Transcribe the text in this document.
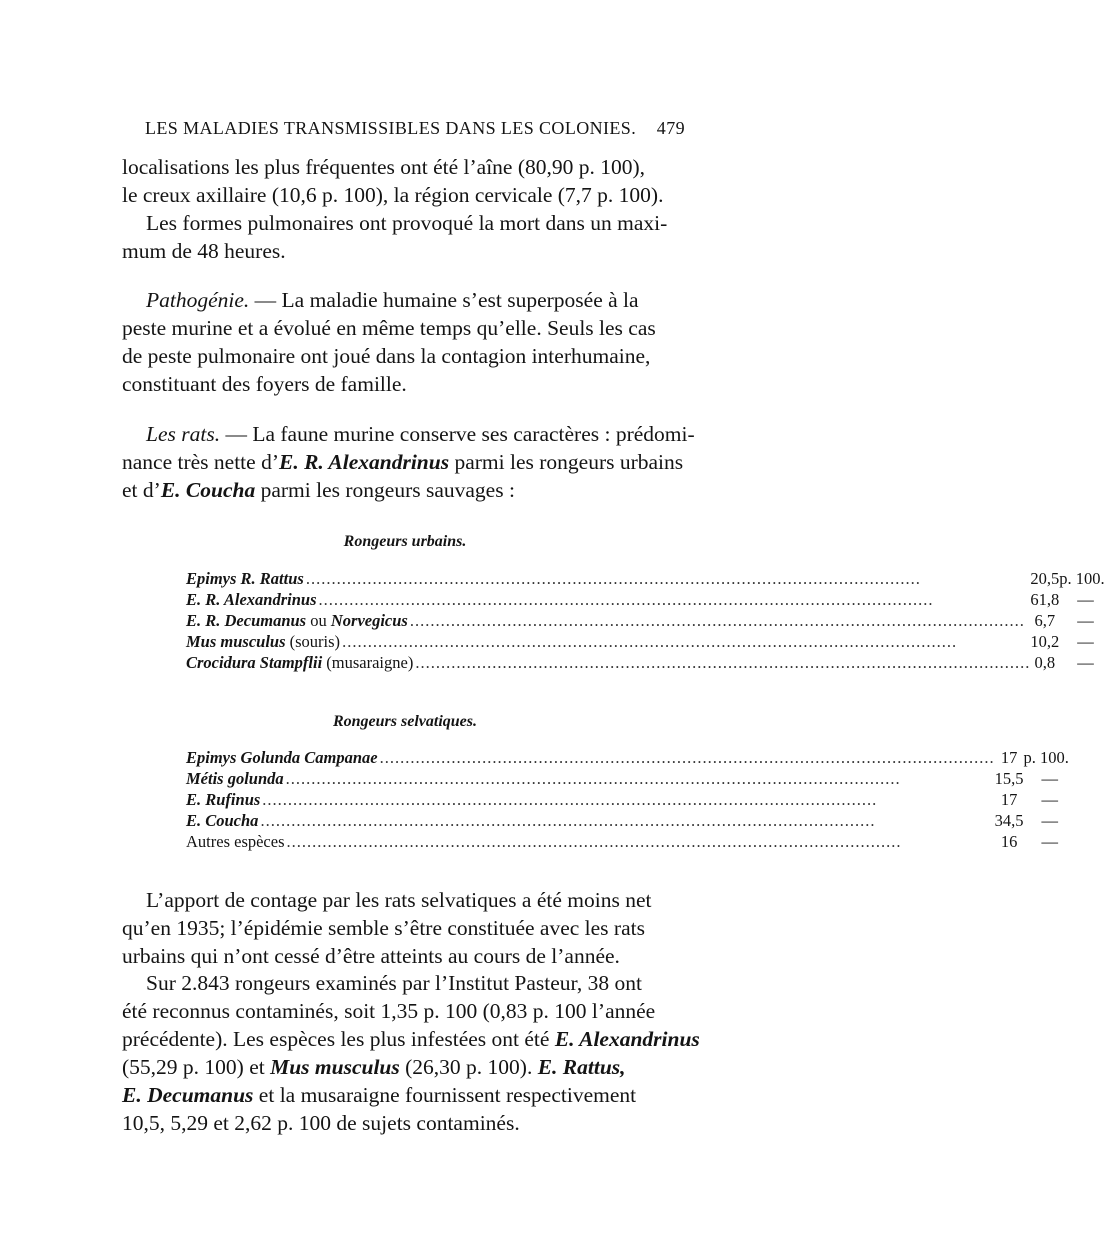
LES MALADIES TRANSMISSIBLES DANS LES COLONIES. 479
localisations les plus fréquentes ont été l’aîne (80,90 p. 100),
le creux axillaire (10,6 p. 100), la région cervicale (7,7 p. 100).
Les formes pulmonaires ont provoqué la mort dans un maxi-
mum de 48 heures.
Pathogénie. — La maladie humaine s’est superposée à la
peste murine et a évolué en même temps qu’elle. Seuls les cas
de peste pulmonaire ont joué dans la contagion interhumaine,
constituant des foyers de famille.
Les rats. — La faune murine conserve ses caractères : prédomi-
nance très nette d’E. R. Alexandrinus parmi les rongeurs urbains
et d’E. Coucha parmi les rongeurs sauvages :
Rongeurs urbains.
Epimys R. Rattus ........................................................................................................................	20,5	p. 100.
E. R. Alexandrinus ........................................................................................................................	61,8	—
E. R. Decumanus ou Norvegicus ........................................................................................................................	6,7	—
Mus musculus (souris) ........................................................................................................................	10,2	—
Crocidura Stampflii (musaraigne) ........................................................................................................................	0,8	—
Rongeurs selvatiques.
Epimys Golunda Campanae ........................................................................................................................	17	p. 100.
Métis golunda ........................................................................................................................	15,5	—
E. Rufinus ........................................................................................................................	17	—
E. Coucha ........................................................................................................................	34,5	—
Autres espèces ........................................................................................................................	16	—
L’apport de contage par les rats selvatiques a été moins net
qu’en 1935; l’épidémie semble s’être constituée avec les rats
urbains qui n’ont cessé d’être atteints au cours de l’année.
Sur 2.843 rongeurs examinés par l’Institut Pasteur, 38 ont
été reconnus contaminés, soit 1,35 p. 100 (0,83 p. 100 l’année
précédente). Les espèces les plus infestées ont été E. Alexandrinus
(55,29 p. 100) et Mus musculus (26,30 p. 100). E. Rattus,
E. Decumanus et la musaraigne fournissent respectivement
10,5, 5,29 et 2,62 p. 100 de sujets contaminés.
